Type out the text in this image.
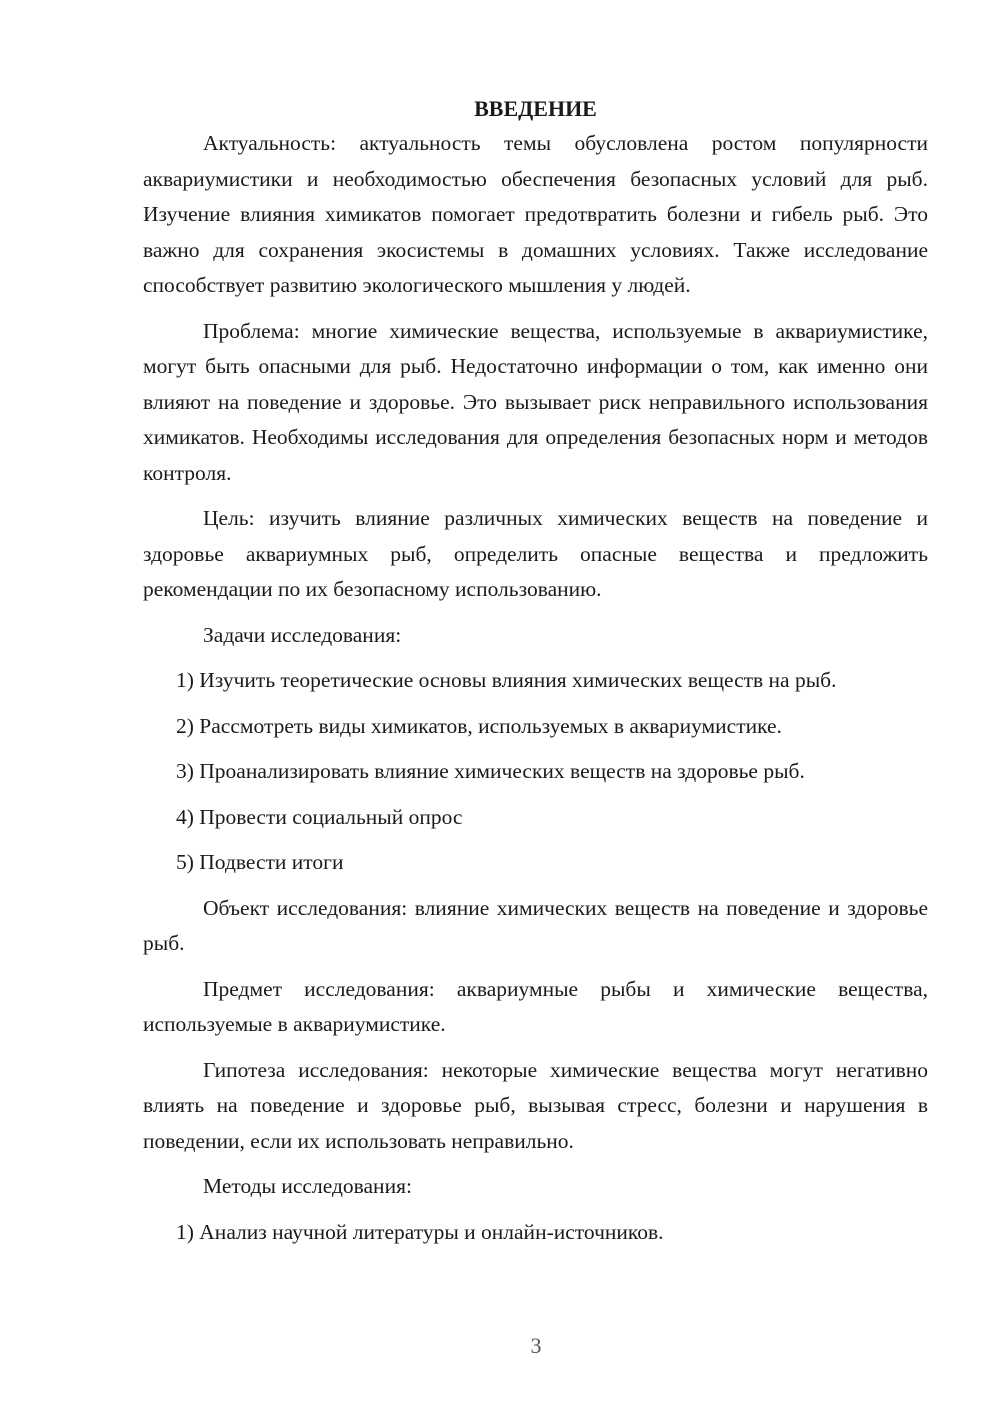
ВВЕДЕНИЕ

Актуальность: актуальность темы обусловлена ростом популярности аквариумистики и необходимостью обеспечения безопасных условий для рыб. Изучение влияния химикатов помогает предотвратить болезни и гибель рыб. Это важно для сохранения экосистемы в домашних условиях. Также исследование способствует развитию экологического мышления у людей.

Проблема: многие химические вещества, используемые в аквариумистике, могут быть опасными для рыб. Недостаточно информации о том, как именно они влияют на поведение и здоровье. Это вызывает риск неправильного использования химикатов. Необходимы исследования для определения безопасных норм и методов контроля.

Цель: изучить влияние различных химических веществ на поведение и здоровье аквариумных рыб, определить опасные вещества и предложить рекомендации по их безопасному использованию.

Задачи исследования:

1) Изучить теоретические основы влияния химических веществ на рыб.

2) Рассмотреть виды химикатов, используемых в аквариумистике.

3) Проанализировать влияние химических веществ на здоровье рыб.

4) Провести социальный опрос

5) Подвести итоги

Объект исследования: влияние химических веществ на поведение и здоровье рыб.

Предмет исследования: аквариумные рыбы и химические вещества, используемые в аквариумистике.

Гипотеза исследования: некоторые химические вещества могут негативно влиять на поведение и здоровье рыб, вызывая стресс, болезни и нарушения в поведении, если их использовать неправильно.

Методы исследования:

1) Анализ научной литературы и онлайн-источников.

3
